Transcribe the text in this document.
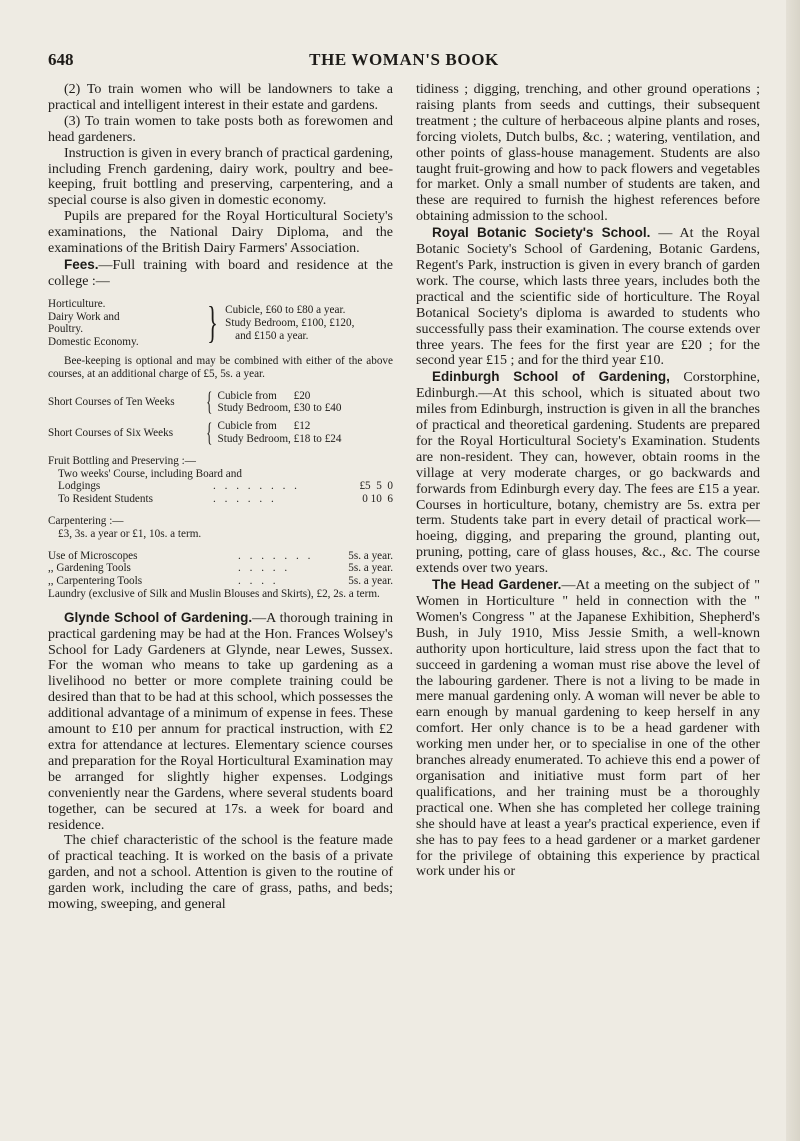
648	THE WOMAN'S BOOK

(2) To train women who will be landowners to take a practical and intelligent interest in their estate and gardens.

(3) To train women to take posts both as forewomen and head gardeners.

Instruction is given in every branch of practical gardening, including French gardening, dairy work, poultry and bee-keeping, fruit bottling and preserving, carpentering, and a special course is also given in domestic economy.

Pupils are prepared for the Royal Horticultural Society's examinations, the National Dairy Diploma, and the examinations of the British Dairy Farmers' Association.

Fees.—Full training with board and residence at the college :—

Horticulture.
Dairy Work and
Poultry.
Domestic Economy.	} Cubicle, £60 to £80 a year.
Study Bedroom, £100, £120,
and £150 a year.

Bee-keeping is optional and may be combined with either of the above courses, at an additional charge of £5, 5s. a year.

Short Courses of Ten Weeks	{ Cubicle from      £20
Study Bedroom, £30 to £40
Short Courses of Six Weeks	{ Cubicle from      £12
Study Bedroom, £18 to £24
Fruit Bottling and Preserving :—
Two weeks' Course, including Board and
Lodgings	. . . . . . . .	£5  5  0
To Resident Students	. . . . . .	0 10  6
Carpentering :—
£3, 3s. a year or £1, 10s. a term.
Use of Microscopes	. . . . . . .	5s. a year.
,, Gardening Tools	. . . . .	5s. a year.
,, Carpentering Tools	. . . .	5s. a year.
Laundry (exclusive of Silk and Muslin Blouses and Skirts), £2, 2s. a term.

Glynde School of Gardening.—A thorough training in practical gardening may be had at the Hon. Frances Wolsey's School for Lady Gardeners at Glynde, near Lewes, Sussex. For the woman who means to take up gardening as a livelihood no better or more complete training could be desired than that to be had at this school, which possesses the additional advantage of a minimum of expense in fees. These amount to £10 per annum for practical instruction, with £2 extra for attendance at lectures. Elementary science courses and preparation for the Royal Horticultural Examination may be arranged for slightly higher expenses. Lodgings conveniently near the Gardens, where several students board together, can be secured at 17s. a week for board and residence.

The chief characteristic of the school is the feature made of practical teaching. It is worked on the basis of a private garden, and not a school. Attention is given to the routine of garden work, including the care of grass, paths, and beds; mowing, sweeping, and general

tidiness ; digging, trenching, and other ground operations ; raising plants from seeds and cuttings, their subsequent treatment ; the culture of herbaceous alpine plants and roses, forcing violets, Dutch bulbs, &c. ; watering, ventilation, and other points of glass-house management. Students are also taught fruit-growing and how to pack flowers and vegetables for market. Only a small number of students are taken, and these are required to furnish the highest references before obtaining admission to the school.

Royal Botanic Society's School. — At the Royal Botanic Society's School of Gardening, Botanic Gardens, Regent's Park, instruction is given in every branch of garden work. The course, which lasts three years, includes both the practical and the scientific side of horticulture. The Royal Botanical Society's diploma is awarded to students who successfully pass their examination. The course extends over three years. The fees for the first year are £20 ; for the second year £15 ; and for the third year £10.

Edinburgh School of Gardening, Corstorphine, Edinburgh.—At this school, which is situated about two miles from Edinburgh, instruction is given in all the branches of practical and theoretical gardening. Students are prepared for the Royal Horticultural Society's Examination. Students are non-resident. They can, however, obtain rooms in the village at very moderate charges, or go backwards and forwards from Edinburgh every day. The fees are £15 a year. Courses in horticulture, botany, chemistry are 5s. extra per term. Students take part in every detail of practical work—hoeing, digging, and preparing the ground, planting out, pruning, potting, care of glass houses, &c., &c. The course extends over two years.

The Head Gardener.—At a meeting on the subject of " Women in Horticulture " held in connection with the " Women's Congress " at the Japanese Exhibition, Shepherd's Bush, in July 1910, Miss Jessie Smith, a well-known authority upon horticulture, laid stress upon the fact that to succeed in gardening a woman must rise above the level of the labouring gardener. There is not a living to be made in mere manual gardening only. A woman will never be able to earn enough by manual gardening to keep herself in any comfort. Her only chance is to be a head gardener with working men under her, or to specialise in one of the other branches already enumerated. To achieve this end a power of organisation and initiative must form part of her qualifications, and her training must be a thoroughly practical one. When she has completed her college training she should have at least a year's practical experience, even if she has to pay fees to a head gardener or a market gardener for the privilege of obtaining this experience by practical work under his or
